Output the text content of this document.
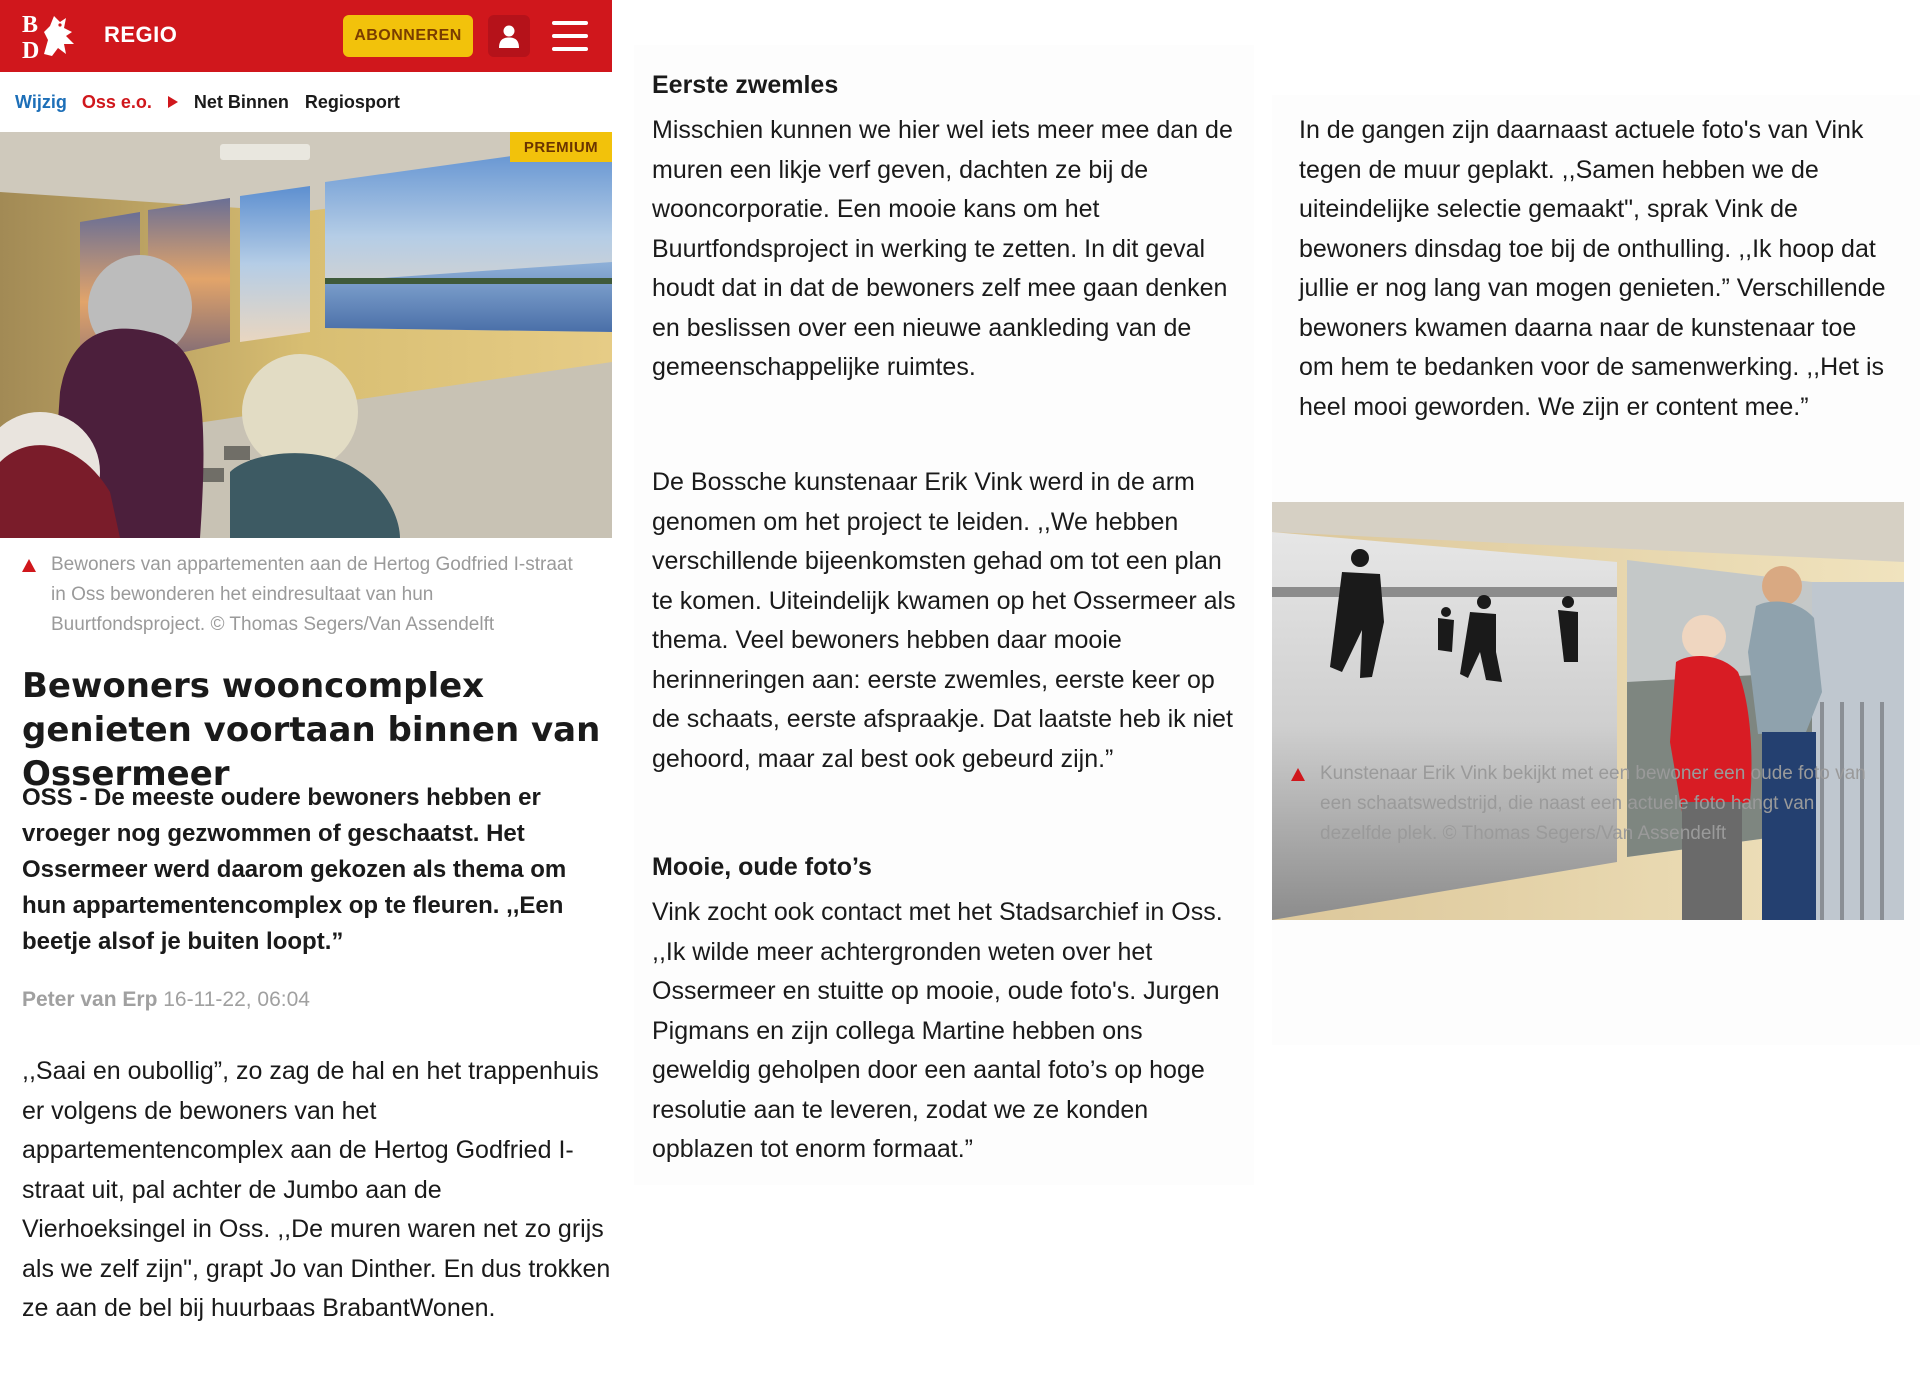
B
D
REGIO	ABONNEREN
Wijzig Oss e.o. Net Binnen Regiosport
PREMIUM
Bewoners van appartementen aan de Hertog Godfried I-straat in Oss bewonderen het eindresultaat van hun Buurtfondsproject. © Thomas Segers/Van Assendelft
Bewoners wooncomplex genieten voortaan binnen van Ossermeer
OSS - De meeste oudere bewoners hebben er vroeger nog gezwommen of geschaatst. Het Ossermeer werd daarom gekozen als thema om hun appartementencomplex op te fleuren. ,,Een beetje alsof je buiten loopt.”
Peter van Erp 16-11-22, 06:04

,,Saai en oubollig”, zo zag de hal en het trappenhuis er volgens de bewoners van het appartementencomplex aan de Hertog Godfried I-straat uit, pal achter de Jumbo aan de Vierhoeksingel in Oss. ,,De muren waren net zo grijs als we zelf zijn", grapt Jo van Dinther. En dus trokken ze aan de bel bij huurbaas BrabantWonen.

Eerste zwemles
Misschien kunnen we hier wel iets meer mee dan de muren een likje verf geven, dachten ze bij de wooncorporatie. Een mooie kans om het Buurtfondsproject in werking te zetten. In dit geval houdt dat in dat de bewoners zelf mee gaan denken en beslissen over een nieuwe aankleding van de gemeenschappelijke ruimtes.
De Bossche kunstenaar Erik Vink werd in de arm genomen om het project te leiden. ,,We hebben verschillende bijeenkomsten gehad om tot een plan te komen. Uiteindelijk kwamen op het Ossermeer als thema. Veel bewoners hebben daar mooie herinneringen aan: eerste zwemles, eerste keer op de schaats, eerste afspraakje. Dat laatste heb ik niet gehoord, maar zal best ook gebeurd zijn.”
Mooie, oude foto’s
Vink zocht ook contact met het Stadsarchief in Oss. ,,Ik wilde meer achtergronden weten over het Ossermeer en stuitte op mooie, oude foto's. Jurgen Pigmans en zijn collega Martine hebben ons geweldig geholpen door een aantal foto’s op hoge resolutie aan te leveren, zodat we ze konden opblazen tot enorm formaat.”
In de gangen zijn daarnaast actuele foto's van Vink tegen de muur geplakt. ,,Samen hebben we de uiteindelijke selectie gemaakt", sprak Vink de bewoners dinsdag toe bij de onthulling. ,,Ik hoop dat jullie er nog lang van mogen genieten.” Verschillende bewoners kwamen daarna naar de kunstenaar toe om hem te bedanken voor de samenwerking. ,,Het is heel mooi geworden. We zijn er content mee.”
Kunstenaar Erik Vink bekijkt met een bewoner een oude foto van een schaatswedstrijd, die naast een actuele foto hangt van dezelfde plek. © Thomas Segers/Van Assendelft
